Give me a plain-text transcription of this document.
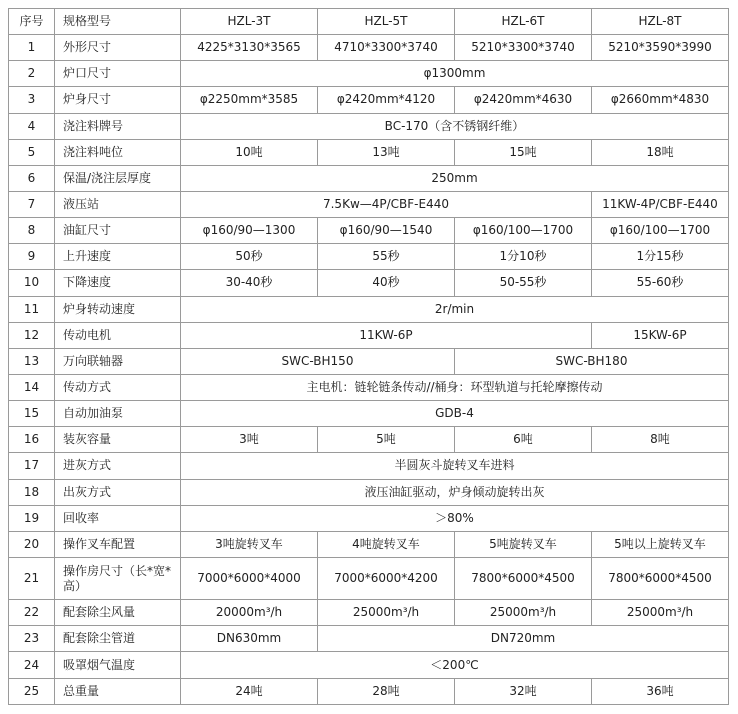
序号	规格型号	HZL-3T	HZL-5T	HZL-6T	HZL-8T
1	外形尺寸	4225*3130*3565	4710*3300*3740	5210*3300*3740	5210*3590*3990
2	炉口尺寸	φ1300mm			
3	炉身尺寸	φ2250mm*3585	φ2420mm*4120	φ2420mm*4630	φ2660mm*4830
4	浇注料牌号	BC-170（含不锈钢纤维）			
5	浇注料吨位	10吨	13吨	15吨	18吨
6	保温/浇注层厚度	250mm			
7	液压站	7.5Kw—4P/CBF-E440			11KW-4P/CBF-E440
8	油缸尺寸	φ160/90—1300	φ160/90—1540	φ160/100—1700	φ160/100—1700
9	上升速度	50秒	55秒	1分10秒	1分15秒
10	下降速度	30-40秒	40秒	50-55秒	55-60秒
11	炉身转动速度	2r/min			
12	传动电机	11KW-6P			15KW-6P
13	万向联轴器	SWC-BH150		SWC-BH180	
14	传动方式	主电机：链轮链条传动//桶身：环型轨道与托轮摩擦传动			
15	自动加油泵	GDB-4			
16	装灰容量	3吨	5吨	6吨	8吨
17	进灰方式	半圆灰斗旋转叉车进料			
18	出灰方式	液压油缸驱动，炉身倾动旋转出灰			
19	回收率	＞80%			
20	操作叉车配置	3吨旋转叉车	4吨旋转叉车	5吨旋转叉车	5吨以上旋转叉车
21	操作房尺寸（长*宽*高）	7000*6000*4000	7000*6000*4200	7800*6000*4500	7800*6000*4500
22	配套除尘风量	20000m³/h	25000m³/h	25000m³/h	25000m³/h
23	配套除尘管道	DN630mm	DN720mm		
24	吸罩烟气温度	＜200℃			
25	总重量	24吨	28吨	32吨	36吨
